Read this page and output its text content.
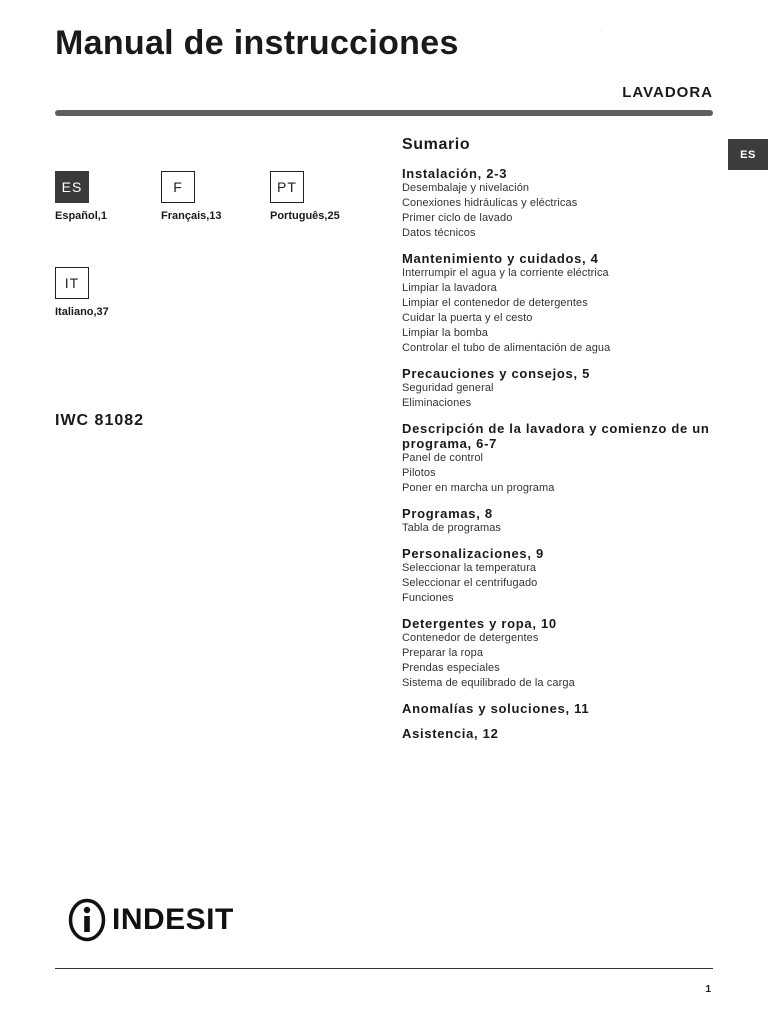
Manual de instrucciones	·
LAVADORA
ES
ES
Español,1
F
Français,13
PT
Português,25
IT
Italiano,37
IWC 81082
Sumario
Instalación, 2-3
Desembalaje y nivelación
Conexiones hidráulicas y eléctricas
Primer ciclo de lavado
Datos técnicos
Mantenimiento y cuidados, 4
Interrumpir el agua y la corriente eléctrica
Limpiar la lavadora
Limpiar el contenedor de detergentes
Cuidar la puerta y el cesto
Limpiar la bomba
Controlar el tubo de alimentación de agua
Precauciones y consejos, 5
Seguridad general
Eliminaciones
Descripción de la lavadora y comienzo de un programa, 6-7
Panel de control
Pilotos
Poner en marcha un programa
Programas, 8
Tabla de programas
Personalizaciones, 9
Seleccionar la temperatura
Seleccionar el centrifugado
Funciones
Detergentes y ropa, 10
Contenedor de detergentes
Preparar la ropa
Prendas especiales
Sistema de equilibrado de la carga
Anomalías y soluciones, 11
Asistencia, 12
INDESIT
1
